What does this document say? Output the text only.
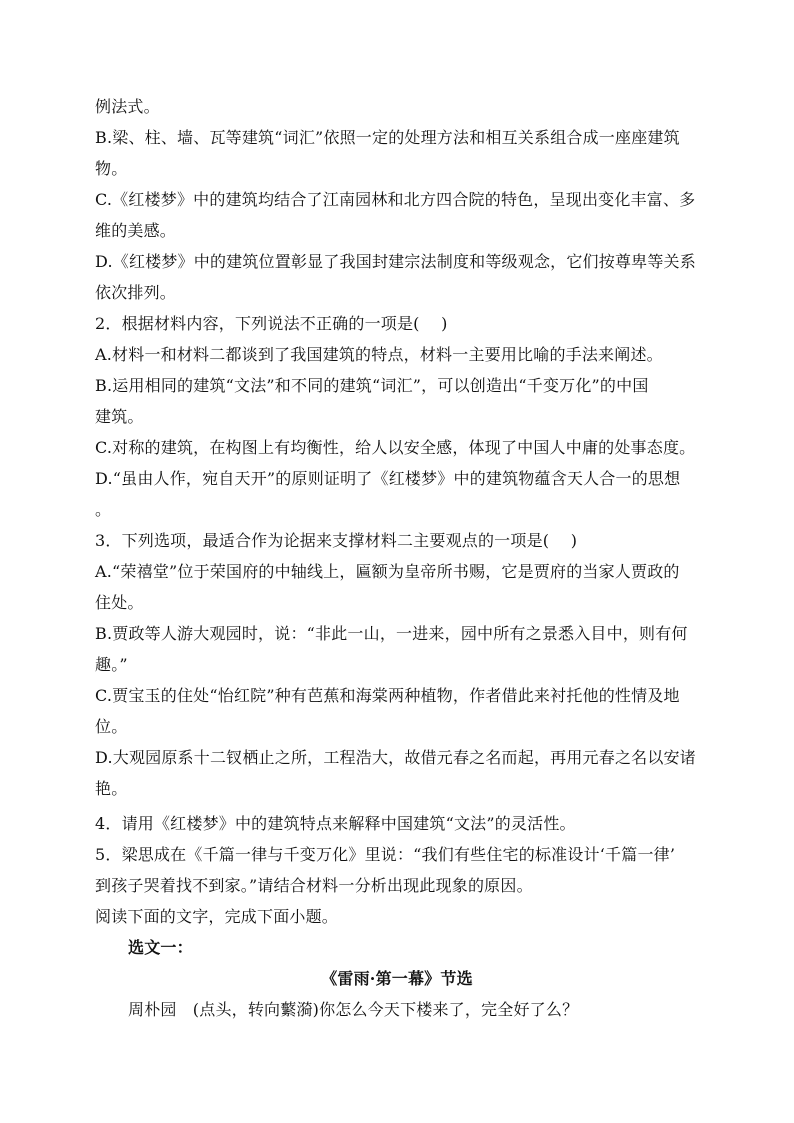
例法式。
B.梁、柱、墙、瓦等建筑“词汇”依照一定的处理方法和相互关系组合成一座座建筑
物。
C.《红楼梦》中的建筑均结合了江南园林和北方四合院的特色，呈现出变化丰富、多
维的美感。
D.《红楼梦》中的建筑位置彰显了我国封建宗法制度和等级观念，它们按尊卑等关系
依次排列。
2．根据材料内容，下列说法不正确的一项是(　 )
A.材料一和材料二都谈到了我国建筑的特点，材料一主要用比喻的手法来阐述。
B.运用相同的建筑“文法”和不同的建筑“词汇”，可以创造出“千变万化”的中国
建筑。
C.对称的建筑，在构图上有均衡性，给人以安全感，体现了中国人中庸的处事态度。
D.“虽由人作，宛自天开”的原则证明了《红楼梦》中的建筑物蕴含天人合一的思想
。
3．下列选项，最适合作为论据来支撑材料二主要观点的一项是(　 )
A.“荣禧堂”位于荣国府的中轴线上，匾额为皇帝所书赐，它是贾府的当家人贾政的
住处。
B.贾政等人游大观园时，说：“非此一山，一进来，园中所有之景悉入目中，则有何
趣。”
C.贾宝玉的住处“怡红院”种有芭蕉和海棠两种植物，作者借此来衬托他的性情及地
位。
D.大观园原系十二钗栖止之所，工程浩大，故借元春之名而起，再用元春之名以安诸
艳。
4．请用《红楼梦》中的建筑特点来解释中国建筑“文法”的灵活性。
5．梁思成在《千篇一律与千变万化》里说：“我们有些住宅的标准设计‘千篇一律’
到孩子哭着找不到家。”请结合材料一分析出现此现象的原因。
阅读下面的文字，完成下面小题。
选文一：
《雷雨·第一幕》节选
周朴园　(点头，转向蘩漪)你怎么今天下楼来了，完全好了么？
